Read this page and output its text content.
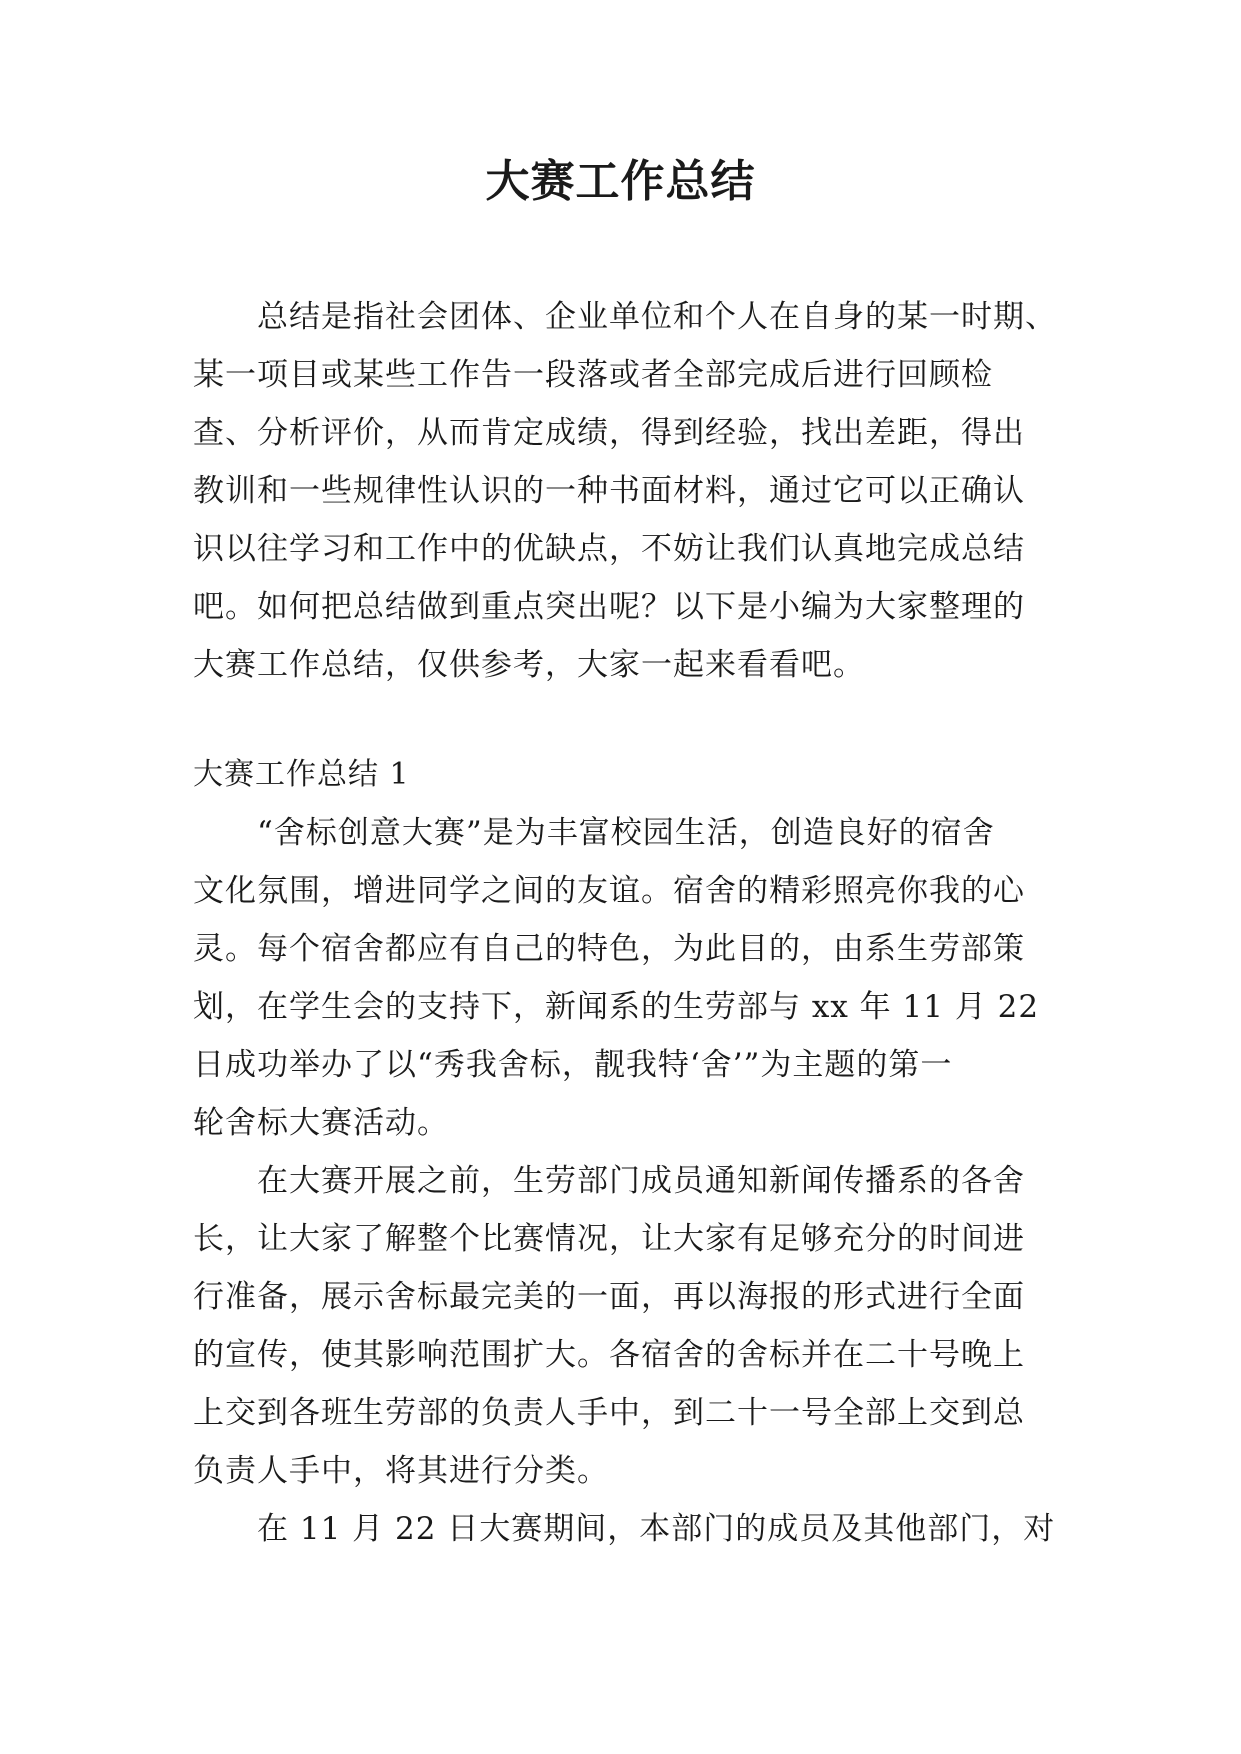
大赛工作总结
　　总结是指社会团体、企业单位和个人在自身的某一时期、
某一项目或某些工作告一段落或者全部完成后进行回顾检
查、分析评价，从而肯定成绩，得到经验，找出差距，得出
教训和一些规律性认识的一种书面材料，通过它可以正确认
识以往学习和工作中的优缺点，不妨让我们认真地完成总结
吧。如何把总结做到重点突出呢？以下是小编为大家整理的
大赛工作总结，仅供参考，大家一起来看看吧。
大赛工作总结 1
　　“舍标创意大赛”是为丰富校园生活，创造良好的宿舍
文化氛围，增进同学之间的友谊。宿舍的精彩照亮你我的心
灵。每个宿舍都应有自己的特色，为此目的，由系生劳部策
划，在学生会的支持下，新闻系的生劳部与 xx 年 11 月 22
日成功举办了以“秀我舍标，靓我特‘舍’”为主题的第一
轮舍标大赛活动。
　　在大赛开展之前，生劳部门成员通知新闻传播系的各舍
长，让大家了解整个比赛情况，让大家有足够充分的时间进
行准备，展示舍标最完美的一面，再以海报的形式进行全面
的宣传，使其影响范围扩大。各宿舍的舍标并在二十号晚上
上交到各班生劳部的负责人手中，到二十一号全部上交到总
负责人手中，将其进行分类。
　　在 11 月 22 日大赛期间，本部门的成员及其他部门，对
